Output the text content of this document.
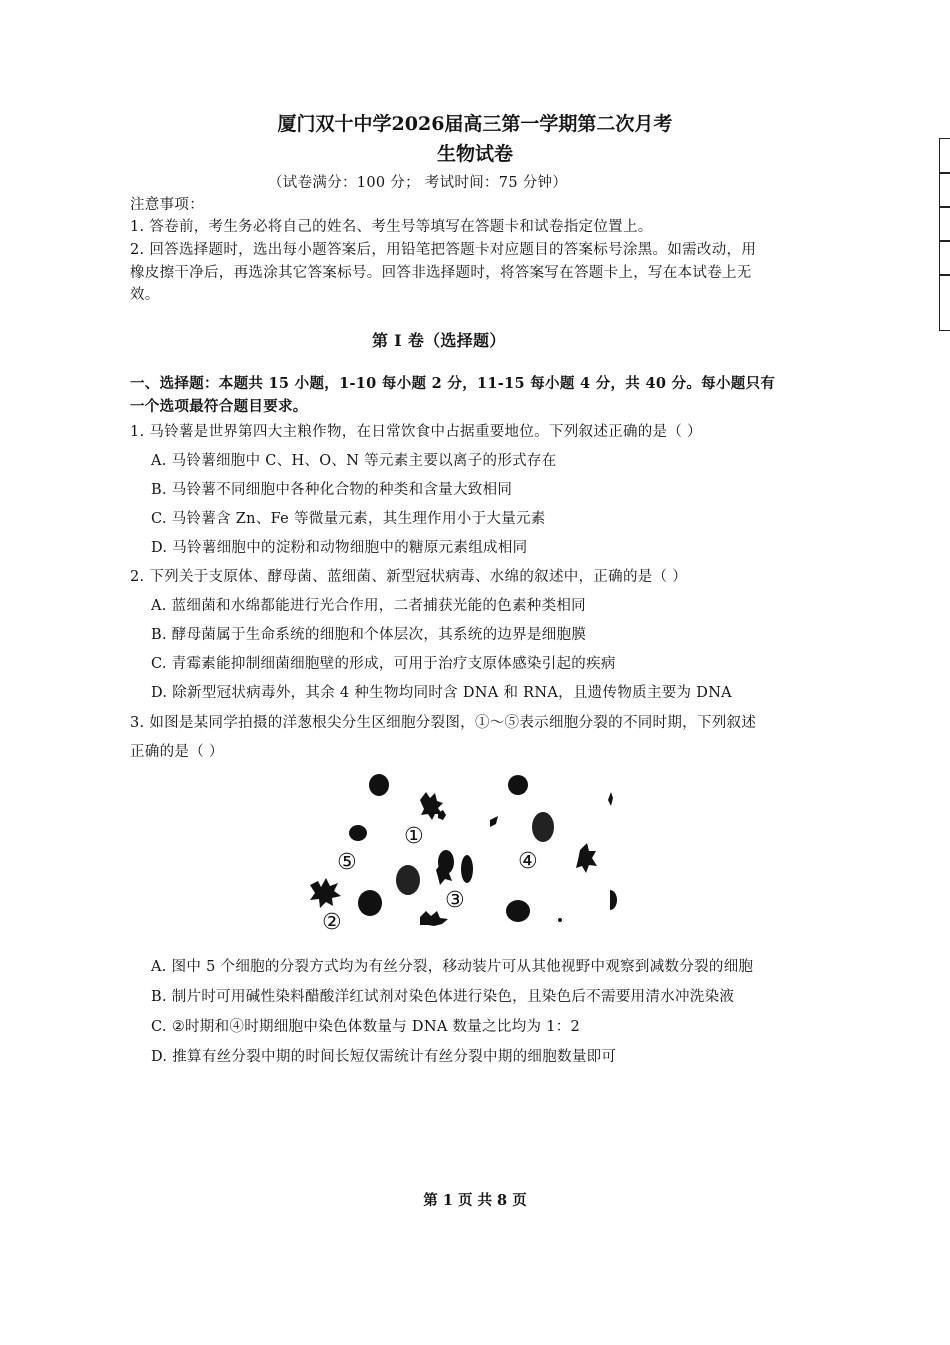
厦门双十中学2026届高三第一学期第二次月考
生物试卷
（试卷满分：100 分； 考试时间：75 分钟）
注意事项：
1. 答卷前，考生务必将自己的姓名、考生号等填写在答题卡和试卷指定位置上。
2. 回答选择题时，选出每小题答案后，用铅笔把答题卡对应题目的答案标号涂黑。如需改动，用
橡皮擦干净后，再选涂其它答案标号。回答非选择题时，将答案写在答题卡上，写在本试卷上无
效。
第 I 卷（选择题）
一、选择题：本题共 15 小题，1-10 每小题 2 分，11-15 每小题 4 分，共 40 分。每小题只有
一个选项最符合题目要求。
1. 马铃薯是世界第四大主粮作物，在日常饮食中占据重要地位。下列叙述正确的是（ ）
A. 马铃薯细胞中 C、H、O、N 等元素主要以离子的形式存在
B. 马铃薯不同细胞中各种化合物的种类和含量大致相同
C. 马铃薯含 Zn、Fe 等微量元素，其生理作用小于大量元素
D. 马铃薯细胞中的淀粉和动物细胞中的糖原元素组成相同
2. 下列关于支原体、酵母菌、蓝细菌、新型冠状病毒、水绵的叙述中，正确的是（ ）
A. 蓝细菌和水绵都能进行光合作用，二者捕获光能的色素种类相同
B. 酵母菌属于生命系统的细胞和个体层次，其系统的边界是细胞膜
C. 青霉素能抑制细菌细胞壁的形成，可用于治疗支原体感染引起的疾病
D. 除新型冠状病毒外，其余 4 种生物均同时含 DNA 和 RNA，且遗传物质主要为 DNA
3. 如图是某同学拍摄的洋葱根尖分生区细胞分裂图，①～⑤表示细胞分裂的不同时期，下列叙述
正确的是（ ）
①
②
③
④
⑤
A. 图中 5 个细胞的分裂方式均为有丝分裂，移动装片可从其他视野中观察到减数分裂的细胞
B. 制片时可用碱性染料醋酸洋红试剂对染色体进行染色，且染色后不需要用清水冲洗染液
C. ②时期和④时期细胞中染色体数量与 DNA 数量之比均为 1：2
D. 推算有丝分裂中期的时间长短仅需统计有丝分裂中期的细胞数量即可
第 1 页 共 8 页
